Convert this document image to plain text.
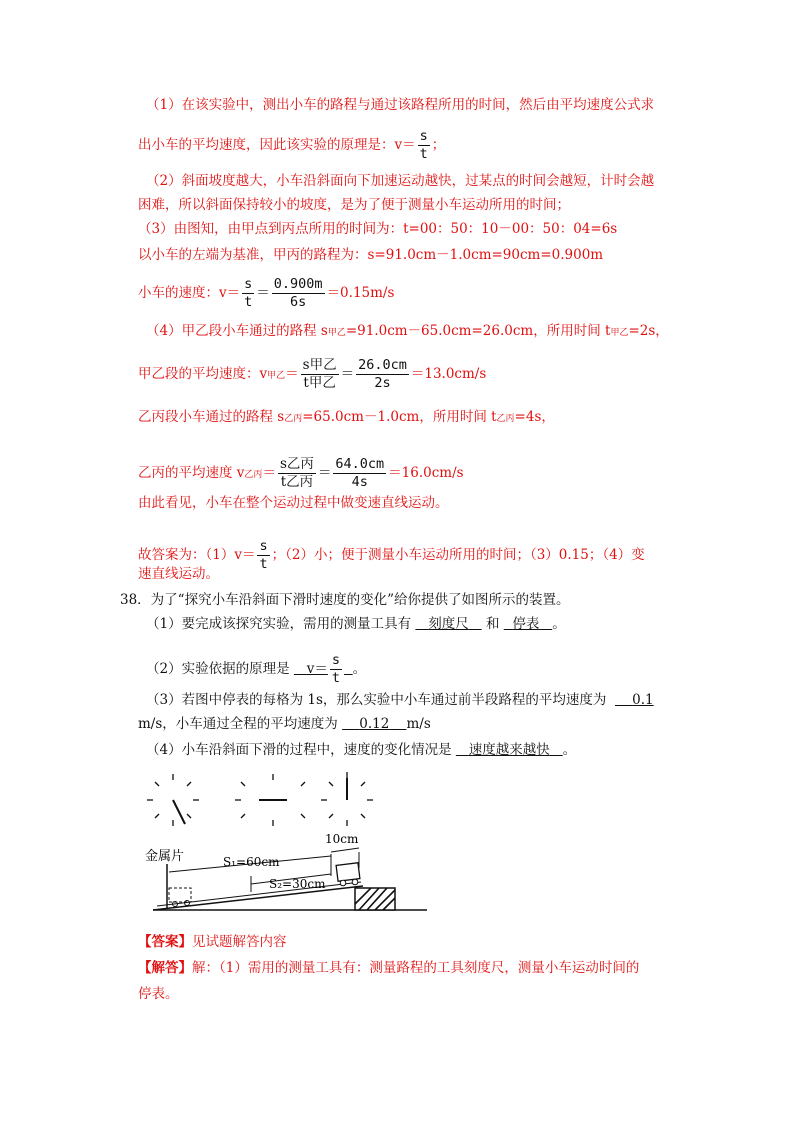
（1）在该实验中，测出小车的路程与通过该路程所用的时间，然后由平均速度公式求
出小车的平均速度，因此该实验的原理是：$v= \frac{s}{t}$ ；
（2）斜面坡度越大，小车沿斜面向下加速运动越快，过某点的时间会越短，计时会越
困难，所以斜面保持较小的坡度，是为了便于测量小车运动所用的时间；
（3）由图知，由甲点到丙点所用的时间为：t=00：50：10－00：50：04=6s
以小车的左端为基准，甲丙的路程为：s=91.0cm－1.0cm=90cm=0.900m
小车的速度：$v= \frac{s}{t} = \frac{0.900m}{6s} =0.15m/s$
（4）甲乙段小车通过的路程 s甲乙=91.0cm－65.0cm=26.0cm，所用时间 t甲乙=2s，
甲乙段的平均速度：v甲乙＝ $\frac{\text{s甲乙}}{\text{t甲乙}} = \frac{26.0cm}{2s} =13.0cm/s$
乙丙段小车通过的路程 s乙丙=65.0cm－1.0cm，所用时间 t乙丙=4s，
乙丙的平均速度 v乙丙＝ $\frac{\text{s乙丙}}{\text{t乙丙}} = \frac{64.0cm}{4s} =16.0cm/s$
由此看见，小车在整个运动过程中做变速直线运动。
故答案为：$(1)v= \frac{s}{t}$ ；（2）小；便于测量小车运动所用的时间；（3）0.15；（4）变
速直线运动。
38．为了“探究小车沿斜面下滑时速度的变化”给你提供了如图所示的装置。
（1）要完成该探究实验，需用的测量工具有 刻度尺 和 停表 。
（2）实验依据的原理是 $v= \frac{s}{t}$ 。
（3）若图中停表的每格为 1s，那么实验中小车通过前半段路程的平均速度为 0.1
m/s，小车通过全程的平均速度为 0.12 m/s
（4）小车沿斜面下滑的过程中，速度的变化情况是 速度越来越快 。
金属片	S₁=60cm
S₂=30cm
10cm
【答案】见试题解答内容
【解答】解：（1）需用的测量工具有：测量路程的工具刻度尺，测量小车运动时间的
停表。
